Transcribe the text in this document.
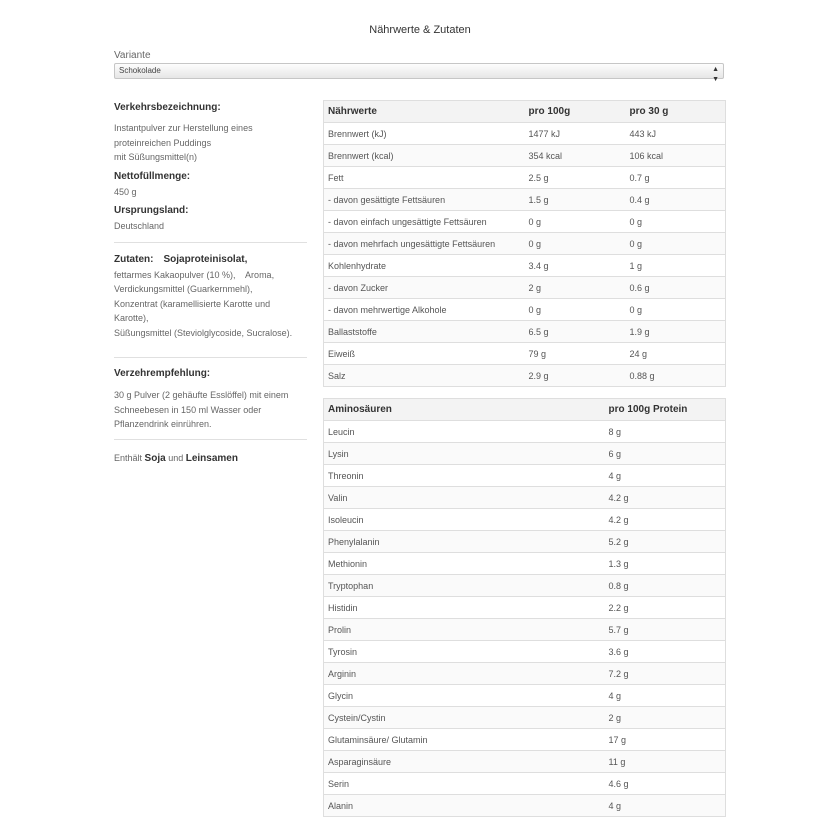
Nährwerte & Zutaten
Variante
Schokolade	▲
▼
Verkehrsbezeichnung:
Instantpulver zur Herstellung eines
proteinreichen Puddings
mit Süßungsmittel(n)
Nettofüllmenge:
450 g
Ursprungsland:
Deutschland
Zutaten: Sojaproteinisolat,
fettarmes Kakaopulver (10 %),    Aroma,
Verdickungsmittel (Guarkernmehl),
Konzentrat (karamellisierte Karotte und
Karotte),
Süßungsmittel (Steviolglycoside, Sucralose).
Verzehrempfehlung:
30 g Pulver (2 gehäufte Esslöffel) mit einem
Schneebesen in 150 ml Wasser oder
Pflanzendrink einrühren.
Enthält Soja und Leinsamen
Nährwerte	pro 100g	pro 30 g
Brennwert (kJ)	1477 kJ	443 kJ
Brennwert (kcal)	354 kcal	106 kcal
Fett	2.5 g	0.7 g
- davon gesättigte Fettsäuren	1.5 g	0.4 g
- davon einfach ungesättigte Fettsäuren	0 g	0 g
- davon mehrfach ungesättigte Fettsäuren	0 g	0 g
Kohlenhydrate	3.4 g	1 g
- davon Zucker	2 g	0.6 g
- davon mehrwertige Alkohole	0 g	0 g
Ballaststoffe	6.5 g	1.9 g
Eiweiß	79 g	24 g
Salz	2.9 g	0.88 g
Aminosäuren	pro 100g Protein
Leucin	8 g
Lysin	6 g
Threonin	4 g
Valin	4.2 g
Isoleucin	4.2 g
Phenylalanin	5.2 g
Methionin	1.3 g
Tryptophan	0.8 g
Histidin	2.2 g
Prolin	5.7 g
Tyrosin	3.6 g
Arginin	7.2 g
Glycin	4 g
Cystein/Cystin	2 g
Glutaminsäure/ Glutamin	17 g
Asparaginsäure	11 g
Serin	4.6 g
Alanin	4 g
